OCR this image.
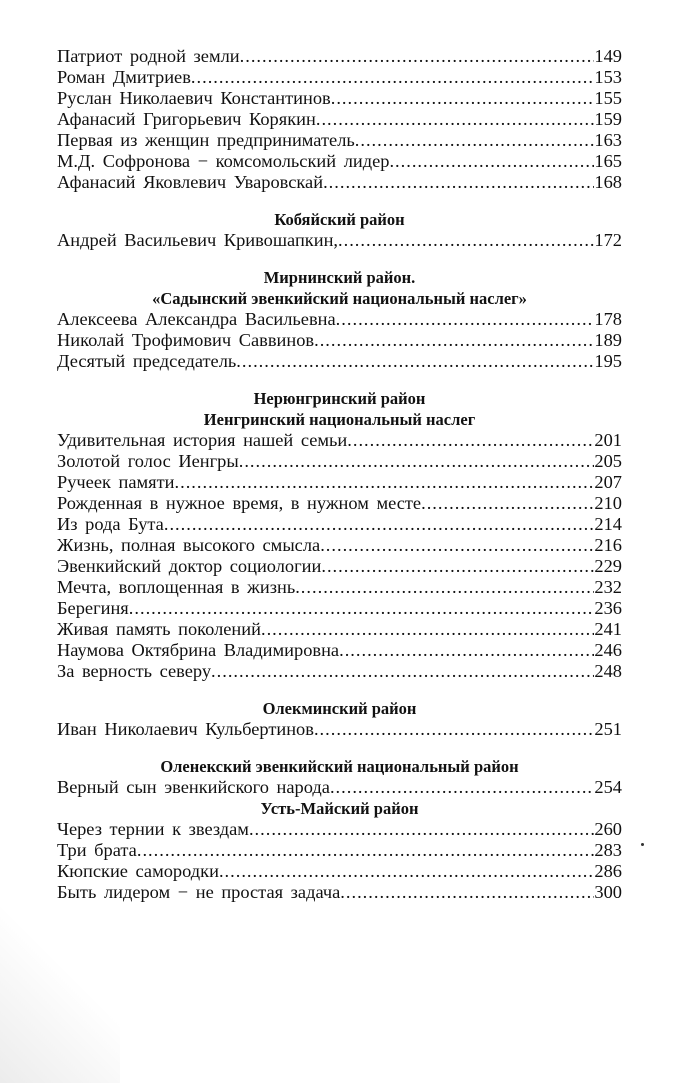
Патриот родной земли .....	149
Роман Дмитриев .....	153
Руслан Николаевич Константинов .....	155
Афанасий Григорьевич Корякин .....	159
Первая из женщин предприниматель .....	163
М.Д. Софронова − комсомольский лидер .....	165
Афанасий Яковлевич Уваровскай .....	168
Кобяйский район
Андрей Васильевич Кривошапкин, .....	172
Мирнинский район.
«Садынский эвенкийский национальный наслег»
Алексеева Александра Васильевна .....	178
Николай Трофимович Саввинов .....	189
Десятый председатель .....	195
Нерюнгринский район
Иенгринский национальный наслег
Удивительная история нашей семьи .....	201
Золотой голос Иенгры .....	205
Ручеек памяти .....	207
Рожденная в нужное время, в нужном месте .....	210
Из рода Бута .....	214
Жизнь, полная высокого смысла .....	216
Эвенкийский доктор социологии .....	229
Мечта, воплощенная в жизнь .....	232
Берегиня .....	236
Живая память поколений .....	241
Наумова Октябрина Владимировна .....	246
За верность северу .....	248
Олекминский район
Иван Николаевич Кульбертинов .....	251
Оленекский эвенкийский национальный район
Верный сын эвенкийского народа .....	254
Усть-Майский район
Через тернии к звездам .....	260
Три брата .....	283
Кюпские самородки .....	286
Быть лидером − не простая задача .....	300
